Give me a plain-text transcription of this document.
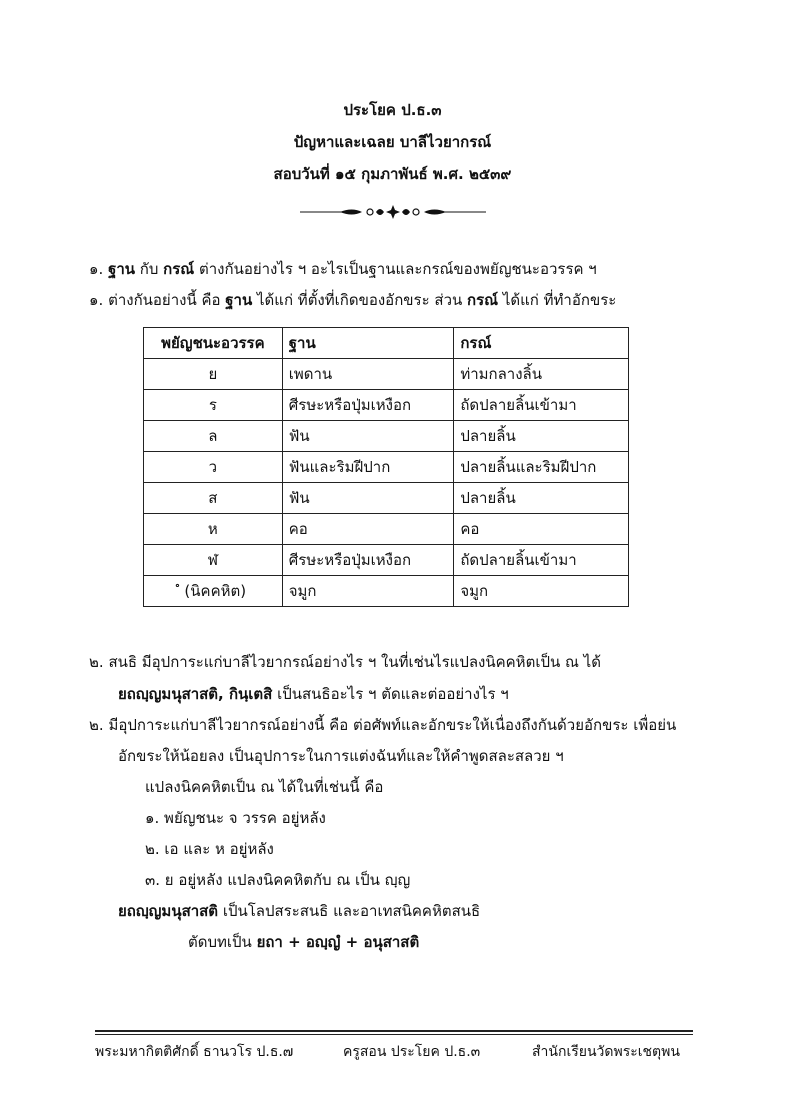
ประโยค ป.ธ.๓
ปัญหาและเฉลย บาลีไวยากรณ์
สอบวันที่ ๑๕ กุมภาพันธ์ พ.ศ. ๒๕๓๙
๑. ฐาน กับ กรณ์ ต่างกันอย่างไร ฯ อะไรเป็นฐานและกรณ์ของพยัญชนะอวรรค ฯ
๑. ต่างกันอย่างนี้ คือ ฐาน ได้แก่ ที่ตั้งที่เกิดของอักขระ ส่วน กรณ์ ได้แก่ ที่ทำอักขระ
พยัญชนะอวรรค	ฐาน	กรณ์
ย	เพดาน	ท่ามกลางลิ้น
ร	ศีรษะหรือปุ่มเหงือก	ถัดปลายลิ้นเข้ามา
ล	ฟัน	ปลายลิ้น
ว	ฟันและริมฝีปาก	ปลายลิ้นและริมฝีปาก
ส	ฟัน	ปลายลิ้น
ห	คอ	คอ
ฬ	ศีรษะหรือปุ่มเหงือก	ถัดปลายลิ้นเข้ามา
ํ (นิคคหิต)	จมูก	จมูก
๒. สนธิ มีอุปการะแก่บาลีไวยากรณ์อย่างไร ฯ ในที่เช่นไรแปลงนิคคหิตเป็น ณ ได้
ยถญฺญมนุสาสติ, กินฺเตสิ เป็นสนธิอะไร ฯ ตัดและต่ออย่างไร ฯ
๒. มีอุปการะแก่บาลีไวยากรณ์อย่างนี้ คือ ต่อศัพท์และอักขระให้เนื่องถึงกันด้วยอักขระ เพื่อย่น
อักขระให้น้อยลง เป็นอุปการะในการแต่งฉันท์และให้คำพูดสละสลวย ฯ
แปลงนิคคหิตเป็น ณ ได้ในที่เช่นนี้ คือ
๑. พยัญชนะ จ วรรค อยู่หลัง
๒. เอ และ ห อยู่หลัง
๓. ย อยู่หลัง แปลงนิคคหิตกับ ณ เป็น ญฺญ
ยถญฺญมนุสาสติ เป็นโลปสระสนธิ และอาเทสนิคคหิตสนธิ
ตัดบทเป็น ยถา + อญฺญํ + อนุสาสติ
พระมหากิตติศักดิ์ ธานวโร ป.ธ.๗	ครูสอน ประโยค ป.ธ.๓	สำนักเรียนวัดพระเชตุพน
